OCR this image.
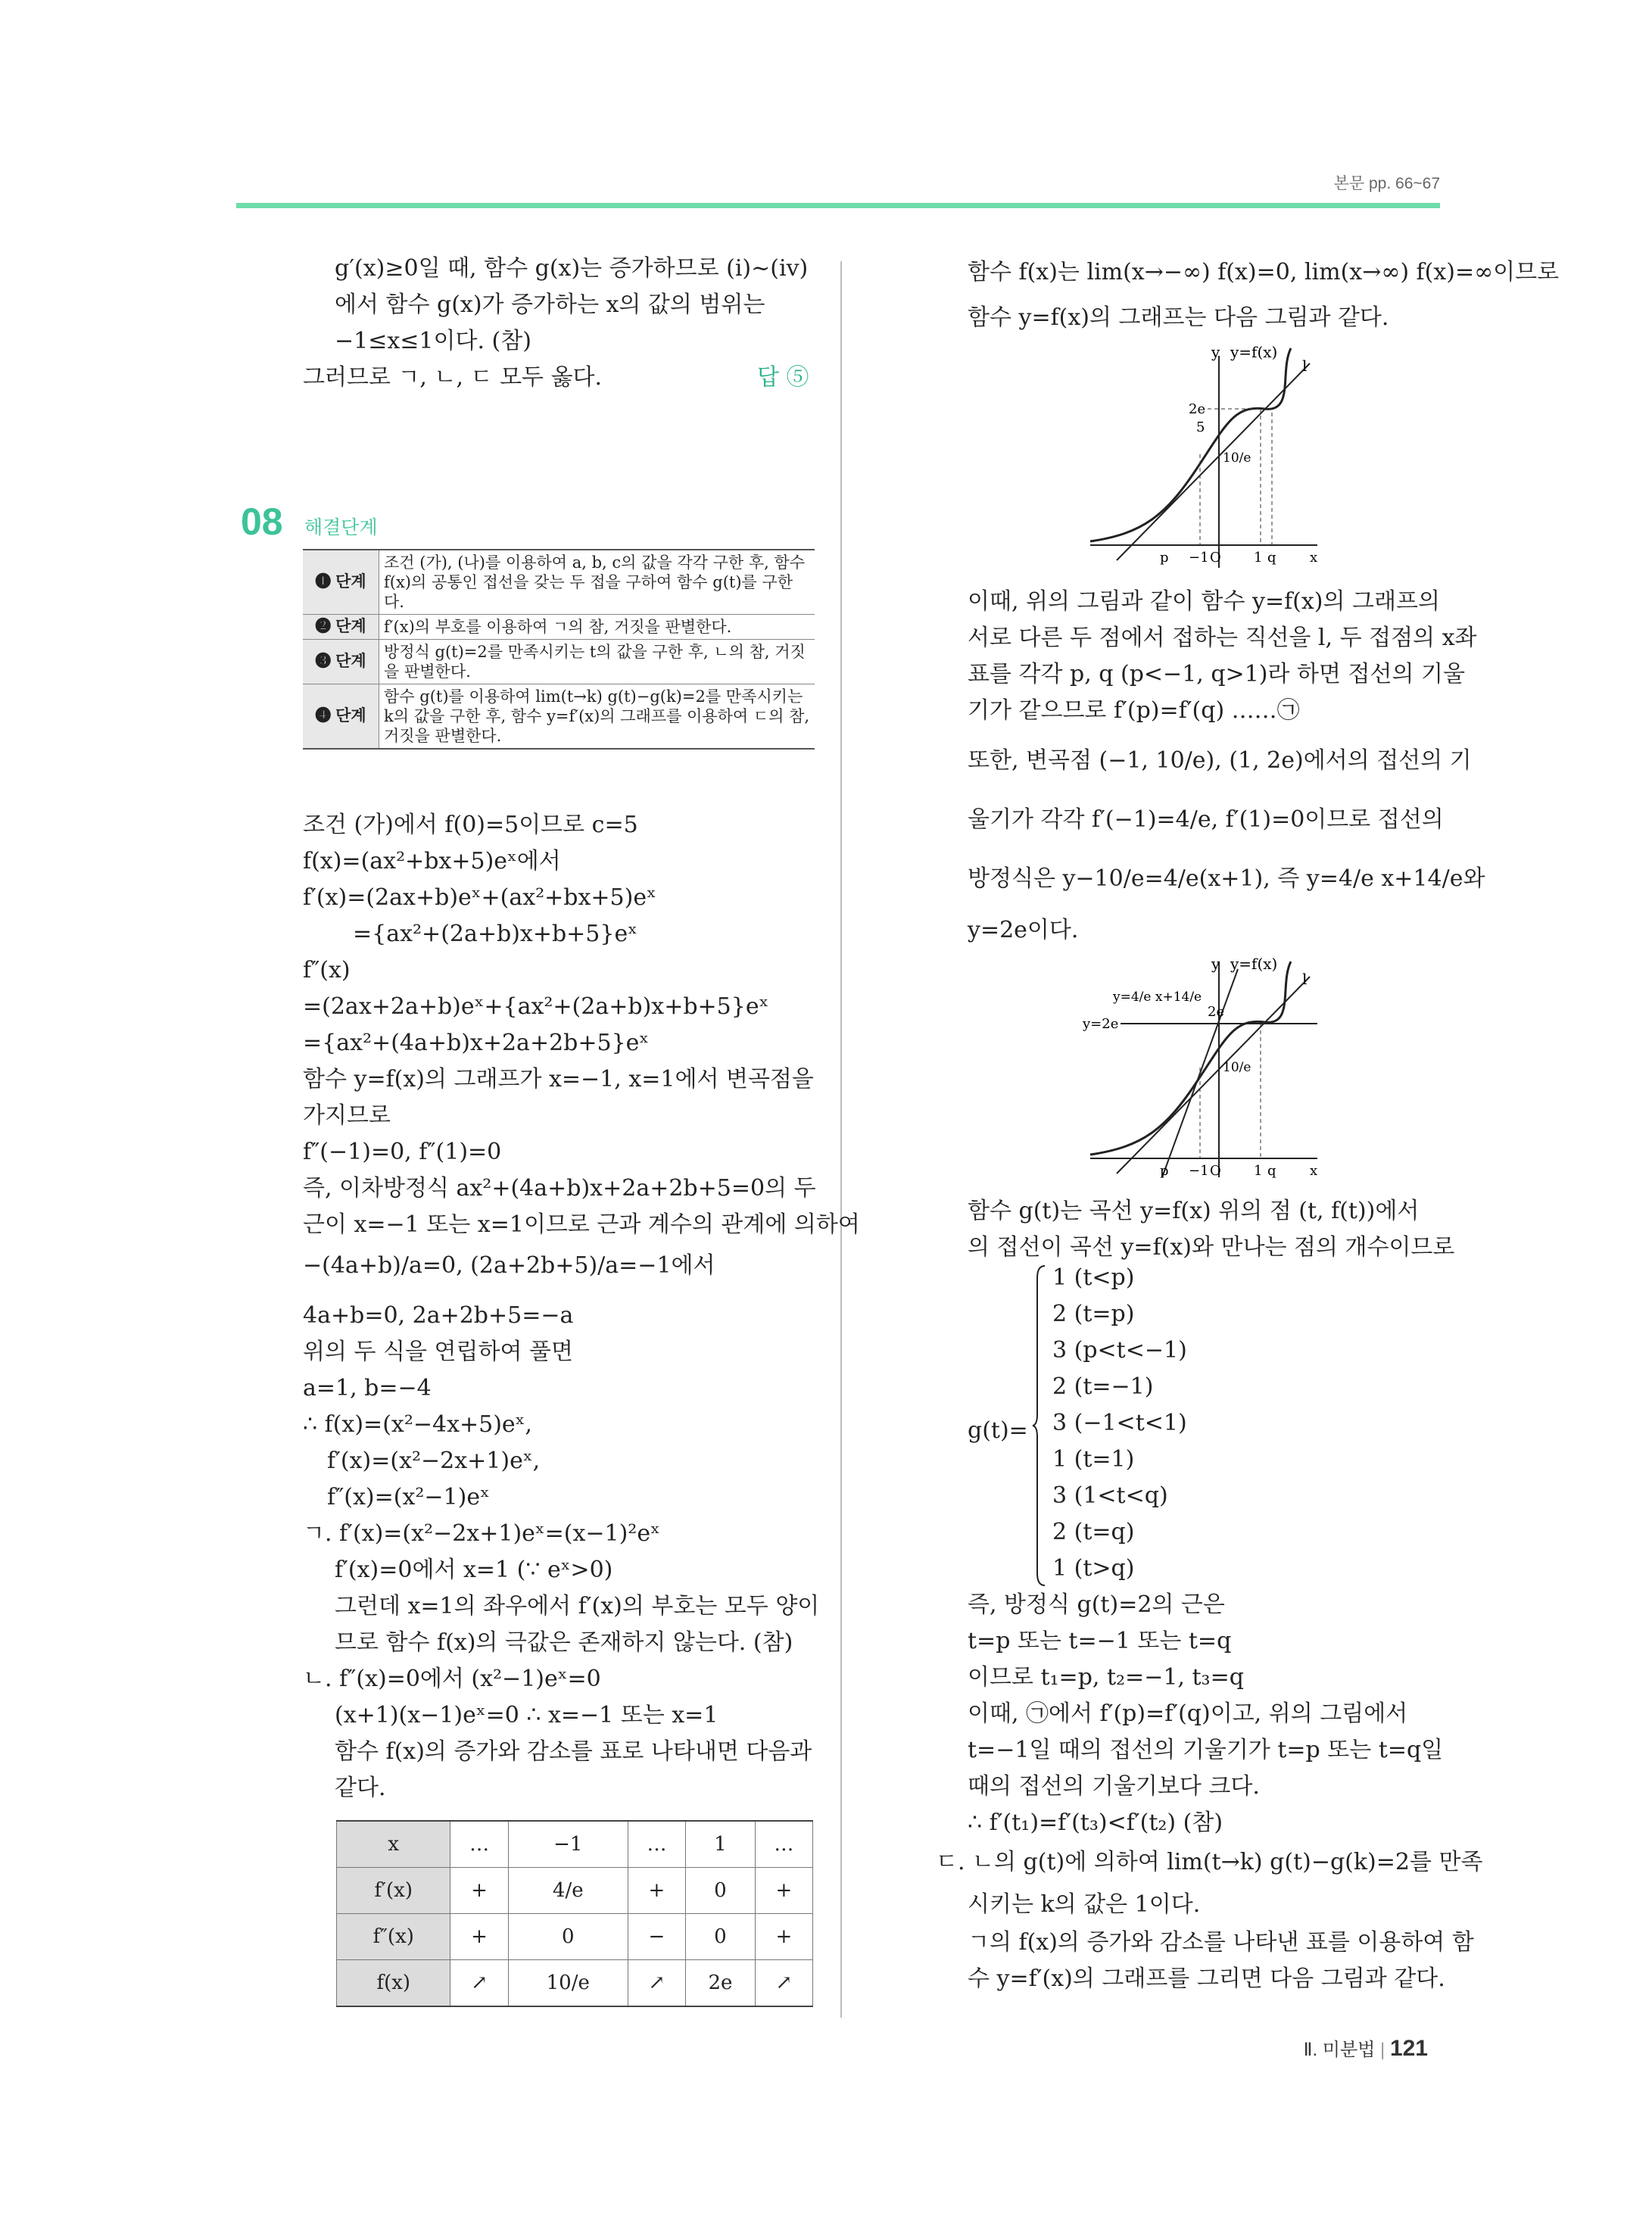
본문 pp. 66~67
g′(x)≥0일 때, 함수 g(x)는 증가하므로 (ⅰ)~(ⅳ)
에서 함수 g(x)가 증가하는 x의 값의 범위는
−1≤x≤1이다. (참)
그러므로 ㄱ, ㄴ, ㄷ 모두 옳다.	답 ⑤
08 해결단계
❶ 단계	조건 (가), (나)를 이용하여 a, b, c의 값을 각각 구한 후, 함수 f(x)의 공통인 접선을 갖는 두 접을 구하여 함수 g(t)를 구한다.
❷ 단계	f′(x)의 부호를 이용하여 ㄱ의 참, 거짓을 판별한다.
❸ 단계	방정식 g(t)=2를 만족시키는 t의 값을 구한 후, ㄴ의 참, 거짓을 판별한다.
❹ 단계	함수 g(t)를 이용하여 lim(t→k) g(t)−g(k)=2를 만족시키는 k의 값을 구한 후, 함수 y=f′(x)의 그래프를 이용하여 ㄷ의 참, 거짓을 판별한다.
조건 (가)에서 f(0)=5이므로 c=5
f(x)=(ax²+bx+5)eˣ에서
f′(x)=(2ax+b)eˣ+(ax²+bx+5)eˣ
={ax²+(2a+b)x+b+5}eˣ
f″(x)
=(2ax+2a+b)eˣ+{ax²+(2a+b)x+b+5}eˣ
={ax²+(4a+b)x+2a+2b+5}eˣ
함수 y=f(x)의 그래프가 x=−1, x=1에서 변곡점을
가지므로
f″(−1)=0, f″(1)=0
즉, 이차방정식 ax²+(4a+b)x+2a+2b+5=0의 두
근이 x=−1 또는 x=1이므로 근과 계수의 관계에 의하여
−(4a+b)/a=0, (2a+2b+5)/a=−1에서
4a+b=0, 2a+2b+5=−a
위의 두 식을 연립하여 풀면
a=1, b=−4
∴ f(x)=(x²−4x+5)eˣ,
f′(x)=(x²−2x+1)eˣ,
f″(x)=(x²−1)eˣ
ㄱ. f′(x)=(x²−2x+1)eˣ=(x−1)²eˣ
f′(x)=0에서 x=1 (∵ eˣ>0)
그런데 x=1의 좌우에서 f′(x)의 부호는 모두 양이
므로 함수 f(x)의 극값은 존재하지 않는다. (참)
ㄴ. f″(x)=0에서 (x²−1)eˣ=0
(x+1)(x−1)eˣ=0 ∴ x=−1 또는 x=1
함수 f(x)의 증가와 감소를 표로 나타내면 다음과
같다.
x	…	−1	…	1	…
f′(x)	+	4/e	+	0	+
f″(x)	+	0	−	0	+
f(x)	↗	10/e	↗	2e	↗
함수 f(x)는 lim(x→−∞) f(x)=0, lim(x→∞) f(x)=∞이므로
함수 y=f(x)의 그래프는 다음 그림과 같다.
y y=f(x)
l
2e
5
10/e
p −1 O 1 q x
이때, 위의 그림과 같이 함수 y=f(x)의 그래프의
서로 다른 두 점에서 접하는 직선을 l, 두 접점의 x좌
표를 각각 p, q (p<−1, q>1)라 하면 접선의 기울
기가 같으므로 f′(p)=f′(q) ……㉠
또한, 변곡점 (−1, 10/e), (1, 2e)에서의 접선의 기
울기가 각각 f′(−1)=4/e, f′(1)=0이므로 접선의
방정식은 y−10/e=4/e(x+1), 즉 y=4/e x+14/e와
y=2e이다.
y y=f(x)
l
y=4/e x+14/e
y=2e
2e
10/e
p −1 O 1 q x
함수 g(t)는 곡선 y=f(x) 위의 점 (t, f(t))에서
의 접선이 곡선 y=f(x)와 만나는 점의 개수이므로
g(t)=
1 (t<p)
2 (t=p)
3 (p<t<−1)
2 (t=−1)
3 (−1<t<1)
1 (t=1)
3 (1<t<q)
2 (t=q)
1 (t>q)
즉, 방정식 g(t)=2의 근은
t=p 또는 t=−1 또는 t=q
이므로 t₁=p, t₂=−1, t₃=q
이때, ㉠에서 f′(p)=f′(q)이고, 위의 그림에서
t=−1일 때의 접선의 기울기가 t=p 또는 t=q일
때의 접선의 기울기보다 크다.
∴ f′(t₁)=f′(t₃)<f′(t₂) (참)
ㄷ. ㄴ의 g(t)에 의하여 lim(t→k) g(t)−g(k)=2를 만족
시키는 k의 값은 1이다.
ㄱ의 f(x)의 증가와 감소를 나타낸 표를 이용하여 함
수 y=f′(x)의 그래프를 그리면 다음 그림과 같다.
Ⅱ. 미분법 | 121
